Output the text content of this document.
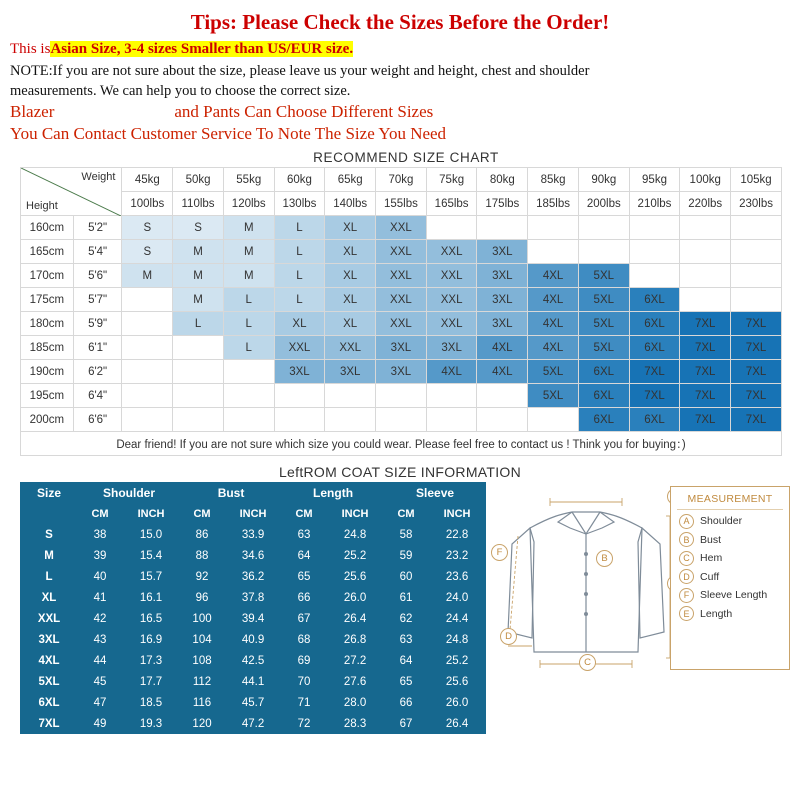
Tips: Please Check the Sizes Before the Order!
This isAsian Size, 3-4 sizes Smaller than US/EUR size.
NOTE:If you are not sure about the size, please leave us your weight and height, chest and shoulder
measurements. We can help you to choose the correct size.
Blazer	and Pants Can Choose Different Sizes
You Can Contact Customer Service To Note The Size You Need
RECOMMEND SIZE CHART
Weight
Height		45kg	50kg	55kg	60kg	65kg	70kg	75kg	80kg	85kg	90kg	95kg	100kg	105kg
		100lbs	110lbs	120lbs	130lbs	140lbs	155lbs	165lbs	175lbs	185lbs	200lbs	210lbs	220lbs	230lbs
160cm	5'2"	S	S	M	L	XL	XXL							
165cm	5'4"	S	M	M	L	XL	XXL	XXL	3XL					
170cm	5'6"	M	M	M	L	XL	XXL	XXL	3XL	4XL	5XL			
175cm	5'7"		M	L	L	XL	XXL	XXL	3XL	4XL	5XL	6XL		
180cm	5'9"		L	L	XL	XL	XXL	XXL	3XL	4XL	5XL	6XL	7XL	7XL
185cm	6'1"			L	XXL	XXL	3XL	3XL	4XL	4XL	5XL	6XL	7XL	7XL
190cm	6'2"				3XL	3XL	3XL	4XL	4XL	5XL	6XL	7XL	7XL	7XL
195cm	6'4"									5XL	6XL	7XL	7XL	7XL
200cm	6'6"										6XL	6XL	7XL	7XL
Dear friend! If you are not sure which size you could wear. Please feel free to contact us ! Think you for buying：)														
LeftROM COAT SIZE INFORMATION
Size	Shoulder		Bust		Length		Sleeve	
	CM	INCH	CM	INCH	CM	INCH	CM	INCH
S	38	15.0	86	33.9	63	24.8	58	22.8
M	39	15.4	88	34.6	64	25.2	59	23.2
L	40	15.7	92	36.2	65	25.6	60	23.6
XL	41	16.1	96	37.8	66	26.0	61	24.0
XXL	42	16.5	100	39.4	67	26.4	62	24.4
3XL	43	16.9	104	40.9	68	26.8	63	24.8
4XL	44	17.3	108	42.5	69	27.2	64	25.2
5XL	45	17.7	112	44.1	70	27.6	65	25.6
6XL	47	18.5	116	45.7	71	28.0	66	26.0
7XL	49	19.3	120	47.2	72	28.3	67	26.4
B
C
D
F
MEASUREMENT
A	Shoulder
B	Bust
C Hem
D Cuff
F	Sleeve Length
E	Length
